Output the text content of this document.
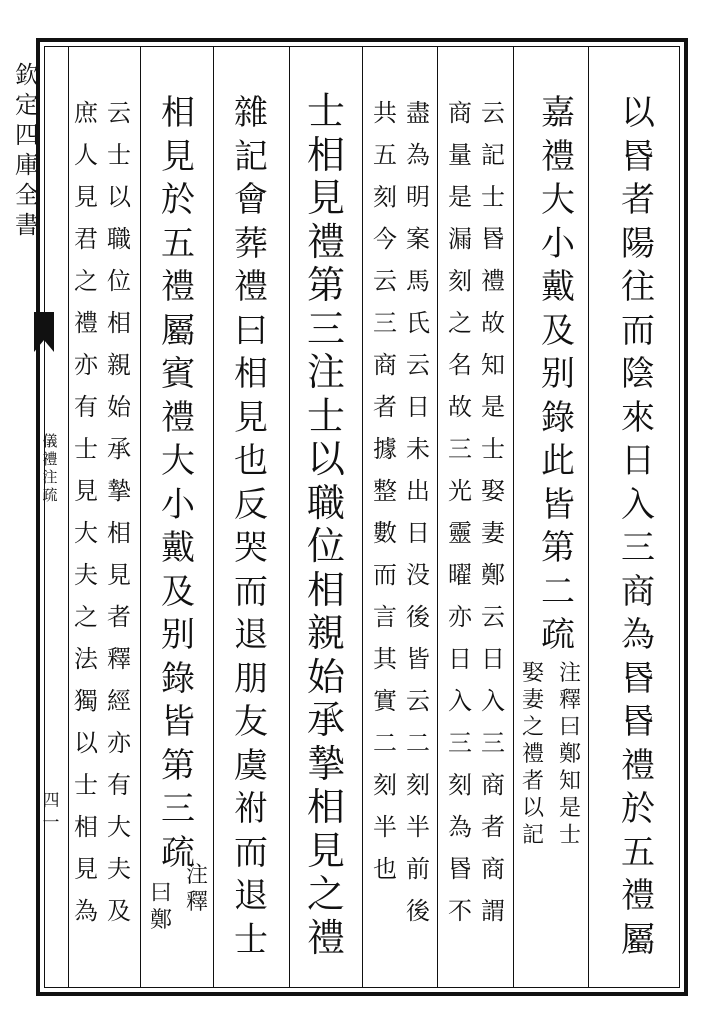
欽
定
四
庫
全
書
儀
禮
注
疏
四
一
以
昬
者
陽
往
而
陰
來
日
入
三
商
為
昬
昬
禮
於
五
禮
屬
嘉
禮
大
小
戴
及
别
錄
此
皆
第
二
疏
注
釋
曰
鄭
知
是
士
娶
妻
之
禮
者
以
記
云
記
士
昬
禮
故
知
是
士
娶
妻
鄭
云
日
入
三
商
者
商
謂
商
量
是
漏
刻
之
名
故
三
光
靈
曜
亦
日
入
三
刻
為
昬
不
盡
為
明
案
馬
氏
云
日
未
出
日
没
後
皆
云
二
刻
半
前
後
共
五
刻
今
云
三
商
者
據
整
數
而
言
其
實
二
刻
半
也
士
相
見
禮
第
三
注
士
以
職
位
相
親
始
承
摯
相
見
之
禮
雜
記
會
葬
禮
曰
相
見
也
反
哭
而
退
朋
友
虞
祔
而
退
士
相
見
於
五
禮
屬
賓
禮
大
小
戴
及
别
錄
皆
第
三
疏
注
釋
曰
鄭
云
士
以
職
位
相
親
始
承
摯
相
見
者
釋
經
亦
有
大
夫
及
庶
人
見
君
之
禮
亦
有
士
見
大
夫
之
法
獨
以
士
相
見
為
